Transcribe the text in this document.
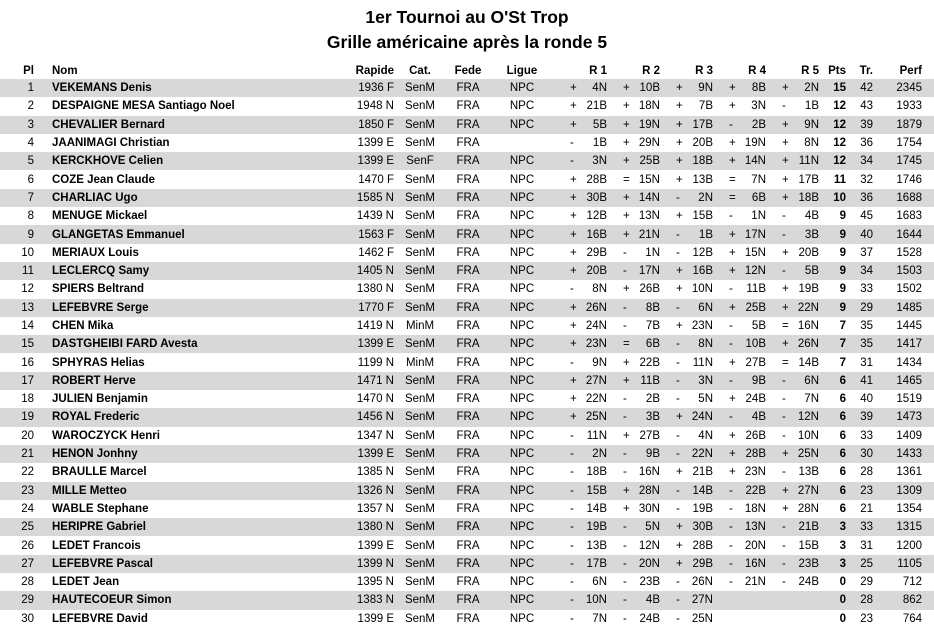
1er Tournoi au O'St Trop
Grille américaine après la ronde 5
Pl	Nom	Rapide	Cat.	Fede	Ligue	R 1	R 2	R 3	R 4	R 5	Pts	Tr.	Perf
1	VEKEMANS Denis	1936 F	SenM	FRA	NPC	+ 4N	+ 10B	+ 9N	+ 8B	+ 2N	15	42	2345
2	DESPAIGNE MESA Santiago Noel	1948 N	SenM	FRA	NPC	+ 21B	+ 18N	+ 7B	+ 3N	- 1B	12	43	1933
3	CHEVALIER Bernard	1850 F	SenM	FRA	NPC	+ 5B	+ 19N	+ 17B	- 2B	+ 9N	12	39	1879
4	JAANIMAGI Christian	1399 E	SenM	FRA		- 1B	+ 29N	+ 20B	+ 19N	+ 8N	12	36	1754
5	KERCKHOVE Celien	1399 E	SenF	FRA	NPC	- 3N	+ 25B	+ 18B	+ 14N	+ 11N	12	34	1745
6	COZE Jean Claude	1470 F	SenM	FRA	NPC	+ 28B	= 15N	+ 13B	= 7N	+ 17B	11	32	1746
7	CHARLIAC Ugo	1585 N	SenM	FRA	NPC	+ 30B	+ 14N	- 2N	= 6B	+ 18B	10	36	1688
8	MENUGE Mickael	1439 N	SenM	FRA	NPC	+ 12B	+ 13N	+ 15B	- 1N	- 4B	9	45	1683
9	GLANGETAS Emmanuel	1563 F	SenM	FRA	NPC	+ 16B	+ 21N	- 1B	+ 17N	- 3B	9	40	1644
10	MERIAUX Louis	1462 F	SenM	FRA	NPC	+ 29B	- 1N	- 12B	+ 15N	+ 20B	9	37	1528
11	LECLERCQ Samy	1405 N	SenM	FRA	NPC	+ 20B	- 17N	+ 16B	+ 12N	- 5B	9	34	1503
12	SPIERS Beltrand	1380 N	SenM	FRA	NPC	- 8N	+ 26B	+ 10N	- 11B	+ 19B	9	33	1502
13	LEFEBVRE Serge	1770 F	SenM	FRA	NPC	+ 26N	- 8B	- 6N	+ 25B	+ 22N	9	29	1485
14	CHEN Mika	1419 N	MinM	FRA	NPC	+ 24N	- 7B	+ 23N	- 5B	= 16N	7	35	1445
15	DASTGHEIBI FARD Avesta	1399 E	SenM	FRA	NPC	+ 23N	= 6B	- 8N	- 10B	+ 26N	7	35	1417
16	SPHYRAS Helias	1199 N	MinM	FRA	NPC	- 9N	+ 22B	- 11N	+ 27B	= 14B	7	31	1434
17	ROBERT Herve	1471 N	SenM	FRA	NPC	+ 27N	+ 11B	- 3N	- 9B	- 6N	6	41	1465
18	JULIEN Benjamin	1470 N	SenM	FRA	NPC	+ 22N	- 2B	- 5N	+ 24B	- 7N	6	40	1519
19	ROYAL Frederic	1456 N	SenM	FRA	NPC	+ 25N	- 3B	+ 24N	- 4B	- 12N	6	39	1473
20	WAROCZYCK Henri	1347 N	SenM	FRA	NPC	- 11N	+ 27B	- 4N	+ 26B	- 10N	6	33	1409
21	HENON Jonhny	1399 E	SenM	FRA	NPC	- 2N	- 9B	- 22N	+ 28B	+ 25N	6	30	1433
22	BRAULLE Marcel	1385 N	SenM	FRA	NPC	- 18B	- 16N	+ 21B	+ 23N	- 13B	6	28	1361
23	MILLE Metteo	1326 N	SenM	FRA	NPC	- 15B	+ 28N	- 14B	- 22B	+ 27N	6	23	1309
24	WABLE Stephane	1357 N	SenM	FRA	NPC	- 14B	+ 30N	- 19B	- 18N	+ 28N	6	21	1354
25	HERIPRE Gabriel	1380 N	SenM	FRA	NPC	- 19B	- 5N	+ 30B	- 13N	- 21B	3	33	1315
26	LEDET Francois	1399 E	SenM	FRA	NPC	- 13B	- 12N	+ 28B	- 20N	- 15B	3	31	1200
27	LEFEBVRE Pascal	1399 N	SenM	FRA	NPC	- 17B	- 20N	+ 29B	- 16N	- 23B	3	25	1105
28	LEDET Jean	1395 N	SenM	FRA	NPC	- 6N	- 23B	- 26N	- 21N	- 24B	0	29	712
29	HAUTECOEUR Simon	1383 N	SenM	FRA	NPC	- 10N	- 4B	- 27N			0	28	862
30	LEFEBVRE David	1399 E	SenM	FRA	NPC	- 7N	- 24B	- 25N			0	23	764
